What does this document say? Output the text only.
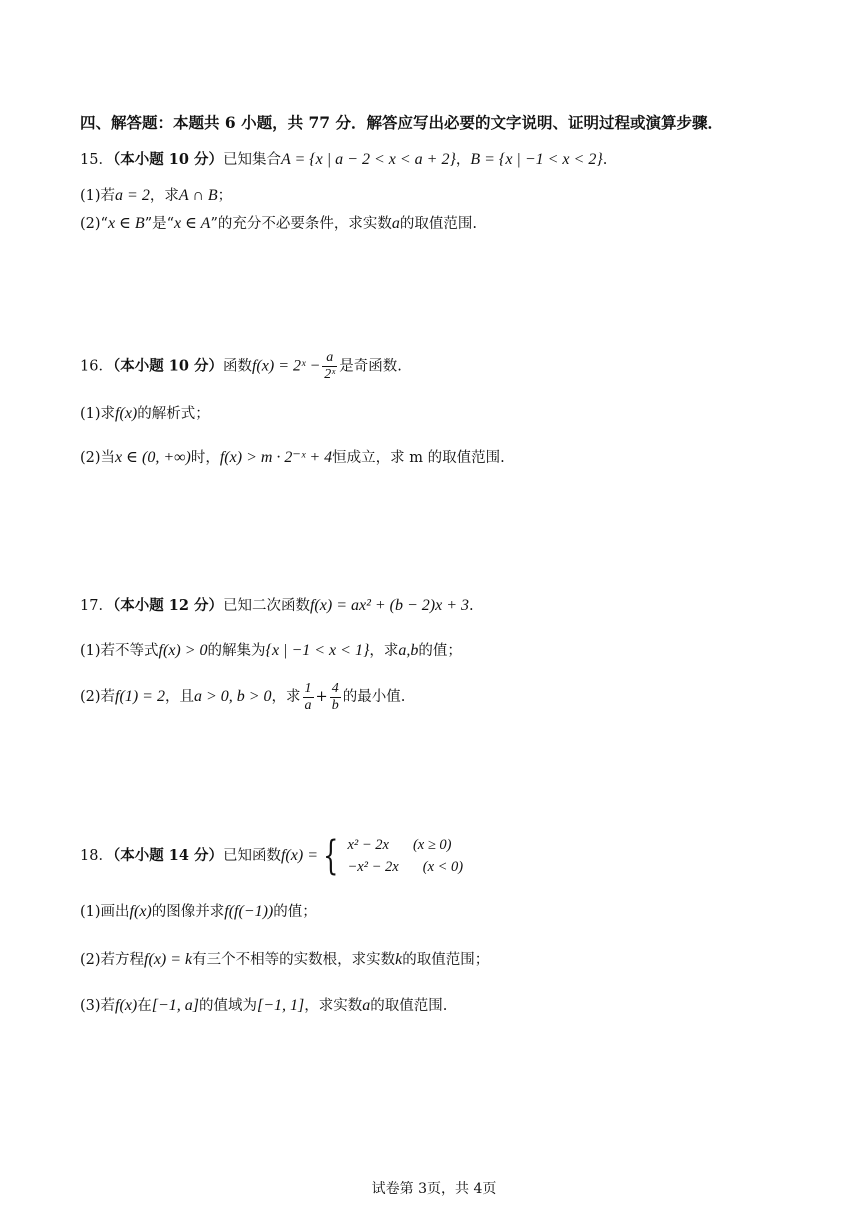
四、解答题：本题共 6 小题，共 77 分．解答应写出必要的文字说明、证明过程或演算步骤．
15．（本小题 10 分）已知集合A = {x | a − 2 < x < a + 2}，B = {x | −1 < x < 2}.
(1)若a = 2，求A ∩ B；
(2)“x ∈ B”是“x ∈ A”的充分不必要条件，求实数a的取值范围.
16．（本小题 10 分）函数f(x) = 2ˣ − $\frac{a}{\text{2ˣ}}$ 是奇函数.
(1)求f(x)的解析式；
(2)当x ∈ (0, +∞)时，f(x) > m · 2⁻ˣ + 4恒成立，求 m 的取值范围.
17．（本小题 12 分）已知二次函数f(x) = ax² + (b − 2)x + 3.
(1)若不等式f(x) > 0的解集为{x | −1 < x < 1}，求a,b的值；
(2)若f(1) = 2，且a > 0, b > 0，求 $\frac{1}{a} + \frac{4}{b}$ 的最小值.
18．（本小题 14 分）已知函数f(x) = { x² − 2x (x ≥ 0)
−x² − 2x (x < 0)
(1)画出f(x)的图像并求f(f(−1))的值；
(2)若方程f(x) = k有三个不相等的实数根，求实数k的取值范围；
(3)若f(x)在[−1, a]的值域为[−1, 1]，求实数a的取值范围.
试卷第 3页，共 4页
